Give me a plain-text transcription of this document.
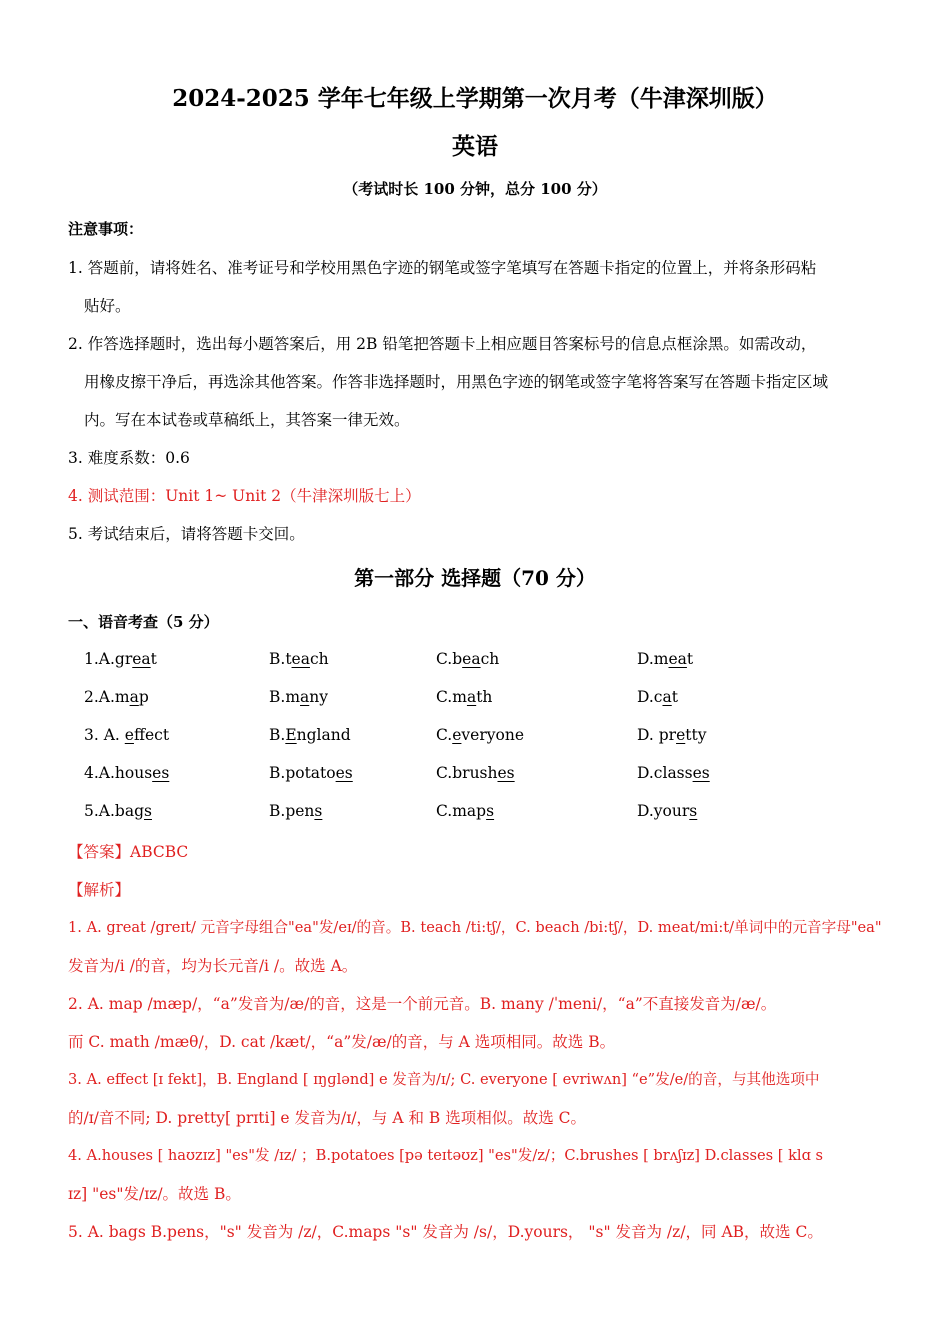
2024-2025 学年七年级上学期第一次月考（牛津深圳版）
英语
（考试时长 100 分钟，总分 100 分）
注意事项：
1. 答题前，请将姓名、准考证号和学校用黑色字迹的钢笔或签字笔填写在答题卡指定的位置上，并将条形码粘
贴好。
2. 作答选择题时，选出每小题答案后，用 2B 铅笔把答题卡上相应题目答案标号的信息点框涂黑。如需改动，
用橡皮擦干净后，再选涂其他答案。作答非选择题时，用黑色字迹的钢笔或签字笔将答案写在答题卡指定区域
内。写在本试卷或草稿纸上，其答案一律无效。
3. 难度系数：0.6
4. 测试范围：Unit 1~ Unit 2（牛津深圳版七上）
5. 考试结束后，请将答题卡交回。
第一部分 选择题（70 分）
一、语音考查（5 分）
1.A.great	B.teach	C.beach	D.meat
2.A.map	B.many	C.math	D.cat
3. A. effect	B.England	C.everyone	D. pretty
4.A.houses	B.potatoes	C.brushes	D.classes
5.A.bags	B.pens	C.maps	D.yours
【答案】ABCBC
【解析】
1. A. great /greɪt/ 元音字母组合"ea"发/eɪ/的音。B. teach /ti:tʃ/，C. beach /bi:tʃ/，D. meat/mi:t/单词中的元音字母"ea"
发音为/i /的音，均为长元音/i /。故选 A。
2. A. map /mæp/，“a”发音为/æ/的音，这是一个前元音。B. many /ˈmeni/，“a”不直接发音为/æ/。
而 C. math /mæθ/，D. cat /kæt/，“a”发/æ/的音，与 A 选项相同。故选 B。
3. A. effect [ɪ fekt]，B. England [ ɪŋɡlənd] e 发音为/ɪ/; C. everyone [ evriwʌn] “e”发/e/的音，与其他选项中
的/ɪ/音不同; D. pretty[ prɪti] e 发音为/ɪ/，与 A 和 B 选项相似。故选 C。
4. A.houses [ haʊzɪz] "es"发 /ɪz/ ；B.potatoes [pə teɪtəʊz] "es"发/z/；C.brushes [ brʌʃɪz] D.classes [ klɑ s
ɪz] "es"发/ɪz/。故选 B。
5. A. bags B.pens，"s" 发音为 /z/，C.maps "s" 发音为 /s/，D.yours， "s" 发音为 /z/，同 AB，故选 C。
